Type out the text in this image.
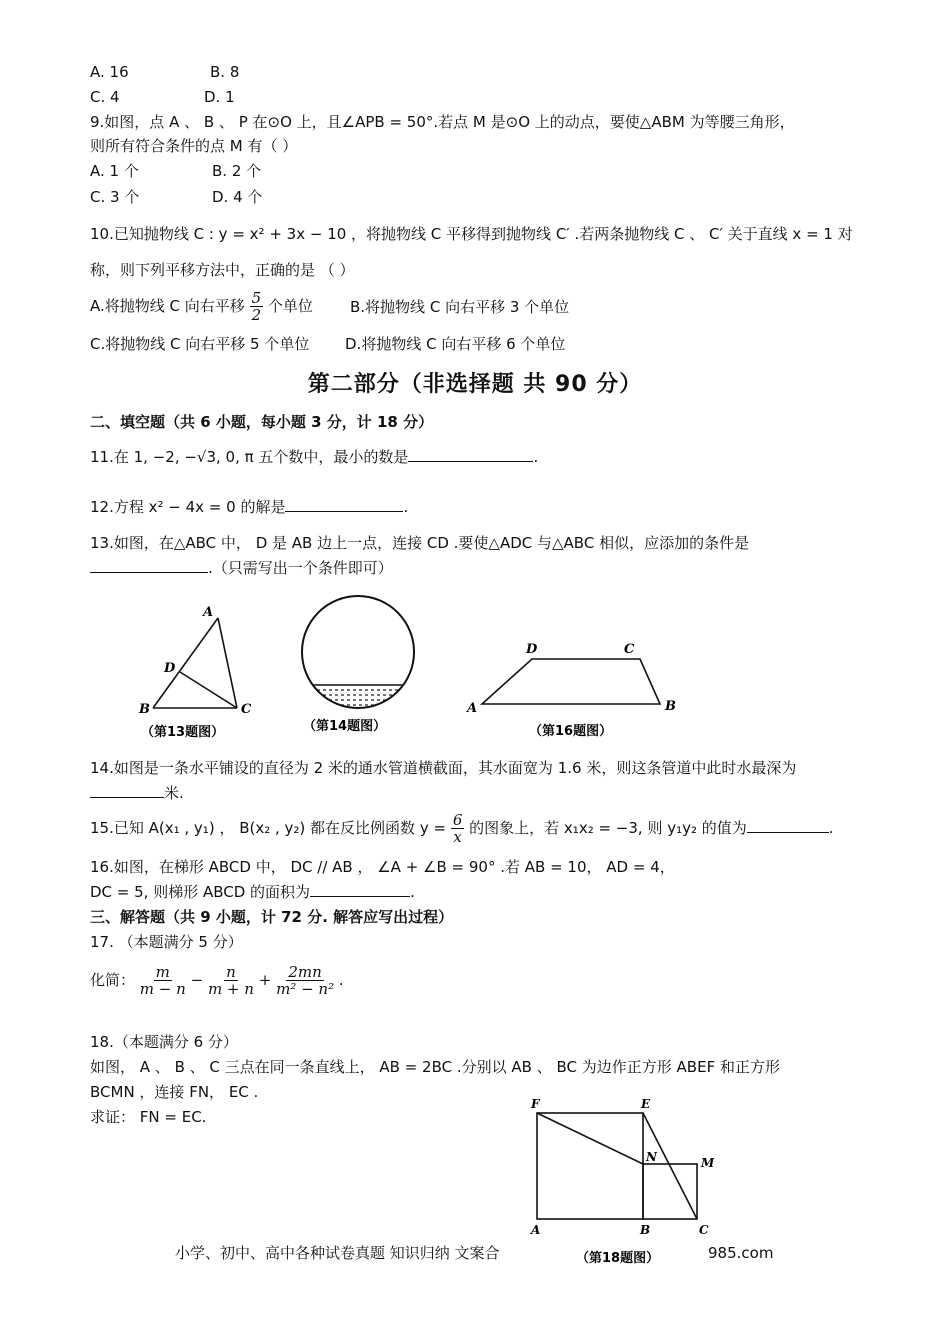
A. 16	B. 8
C. 4	D. 1
9.如图，点 A 、 B 、 P 在⊙O 上，且∠APB = 50°.若点 M 是⊙O 上的动点，要使△ABM 为等腰三角形，
则所有符合条件的点 M 有（ ）
A. 1 个	B. 2 个
C. 3 个	D. 4 个
10.已知抛物线 C : y = x² + 3x − 10 ，将抛物线 C 平移得到抛物线 C′ .若两条抛物线 C 、 C′ 关于直线 x = 1 对
称，则下列平移方法中，正确的是 （ ）
A.将抛物线 C 向右平移 $\frac{5}{2}$ 个单位 B.将抛物线 C 向右平移 3 个单位
C.将抛物线 C 向右平移 5 个单位 D.将抛物线 C 向右平移 6 个单位
第二部分（非选择题 共 90 分）
二、填空题（共 6 小题，每小题 3 分，计 18 分）
11.在 1, −2, −√3, 0, π 五个数中，最小的数是	.
12.方程 x² − 4x = 0 的解是	.
13.如图，在△ABC 中， D 是 AB 边上一点，连接 CD .要使△ADC 与△ABC 相似，应添加的条件是
.（只需写出一个条件即可）
A
D
B	C
（第13题图）	（第14题图）
D	C
A	B
（第16题图）
14.如图是一条水平铺设的直径为 2 米的通水管道横截面，其水面宽为 1.6 米，则这条管道中此时水最深为
米.
15.已知 A(x₁ , y₁) ， B(x₂ , y₂) 都在反比例函数 $y = \frac{6}{x}$ 的图象上，若 x₁x₂ = −3, 则 y₁y₂ 的值为	.
16.如图，在梯形 ABCD 中， DC // AB ， ∠A + ∠B = 90° .若 AB = 10， AD = 4，
DC = 5, 则梯形 ABCD 的面积为	.
三、解答题（共 9 小题，计 72 分. 解答应写出过程）
17. （本题满分 5 分）
化简： $\frac{m}{m - n} - \frac{n}{m + n} + \frac{2mn}{\text{m² − n²}}$ .
18.（本题满分 6 分）
如图， A 、 B 、 C 三点在同一条直线上， AB = 2BC .分别以 AB 、 BC 为边作正方形 ABEF 和正方形
BCMN ，连接 FN， EC .
求证： FN = EC.
F	E
N	M
A	B	C
（第18题图）
小学、初中、高中各种试卷真题 知识归纳 文案合	985.com
